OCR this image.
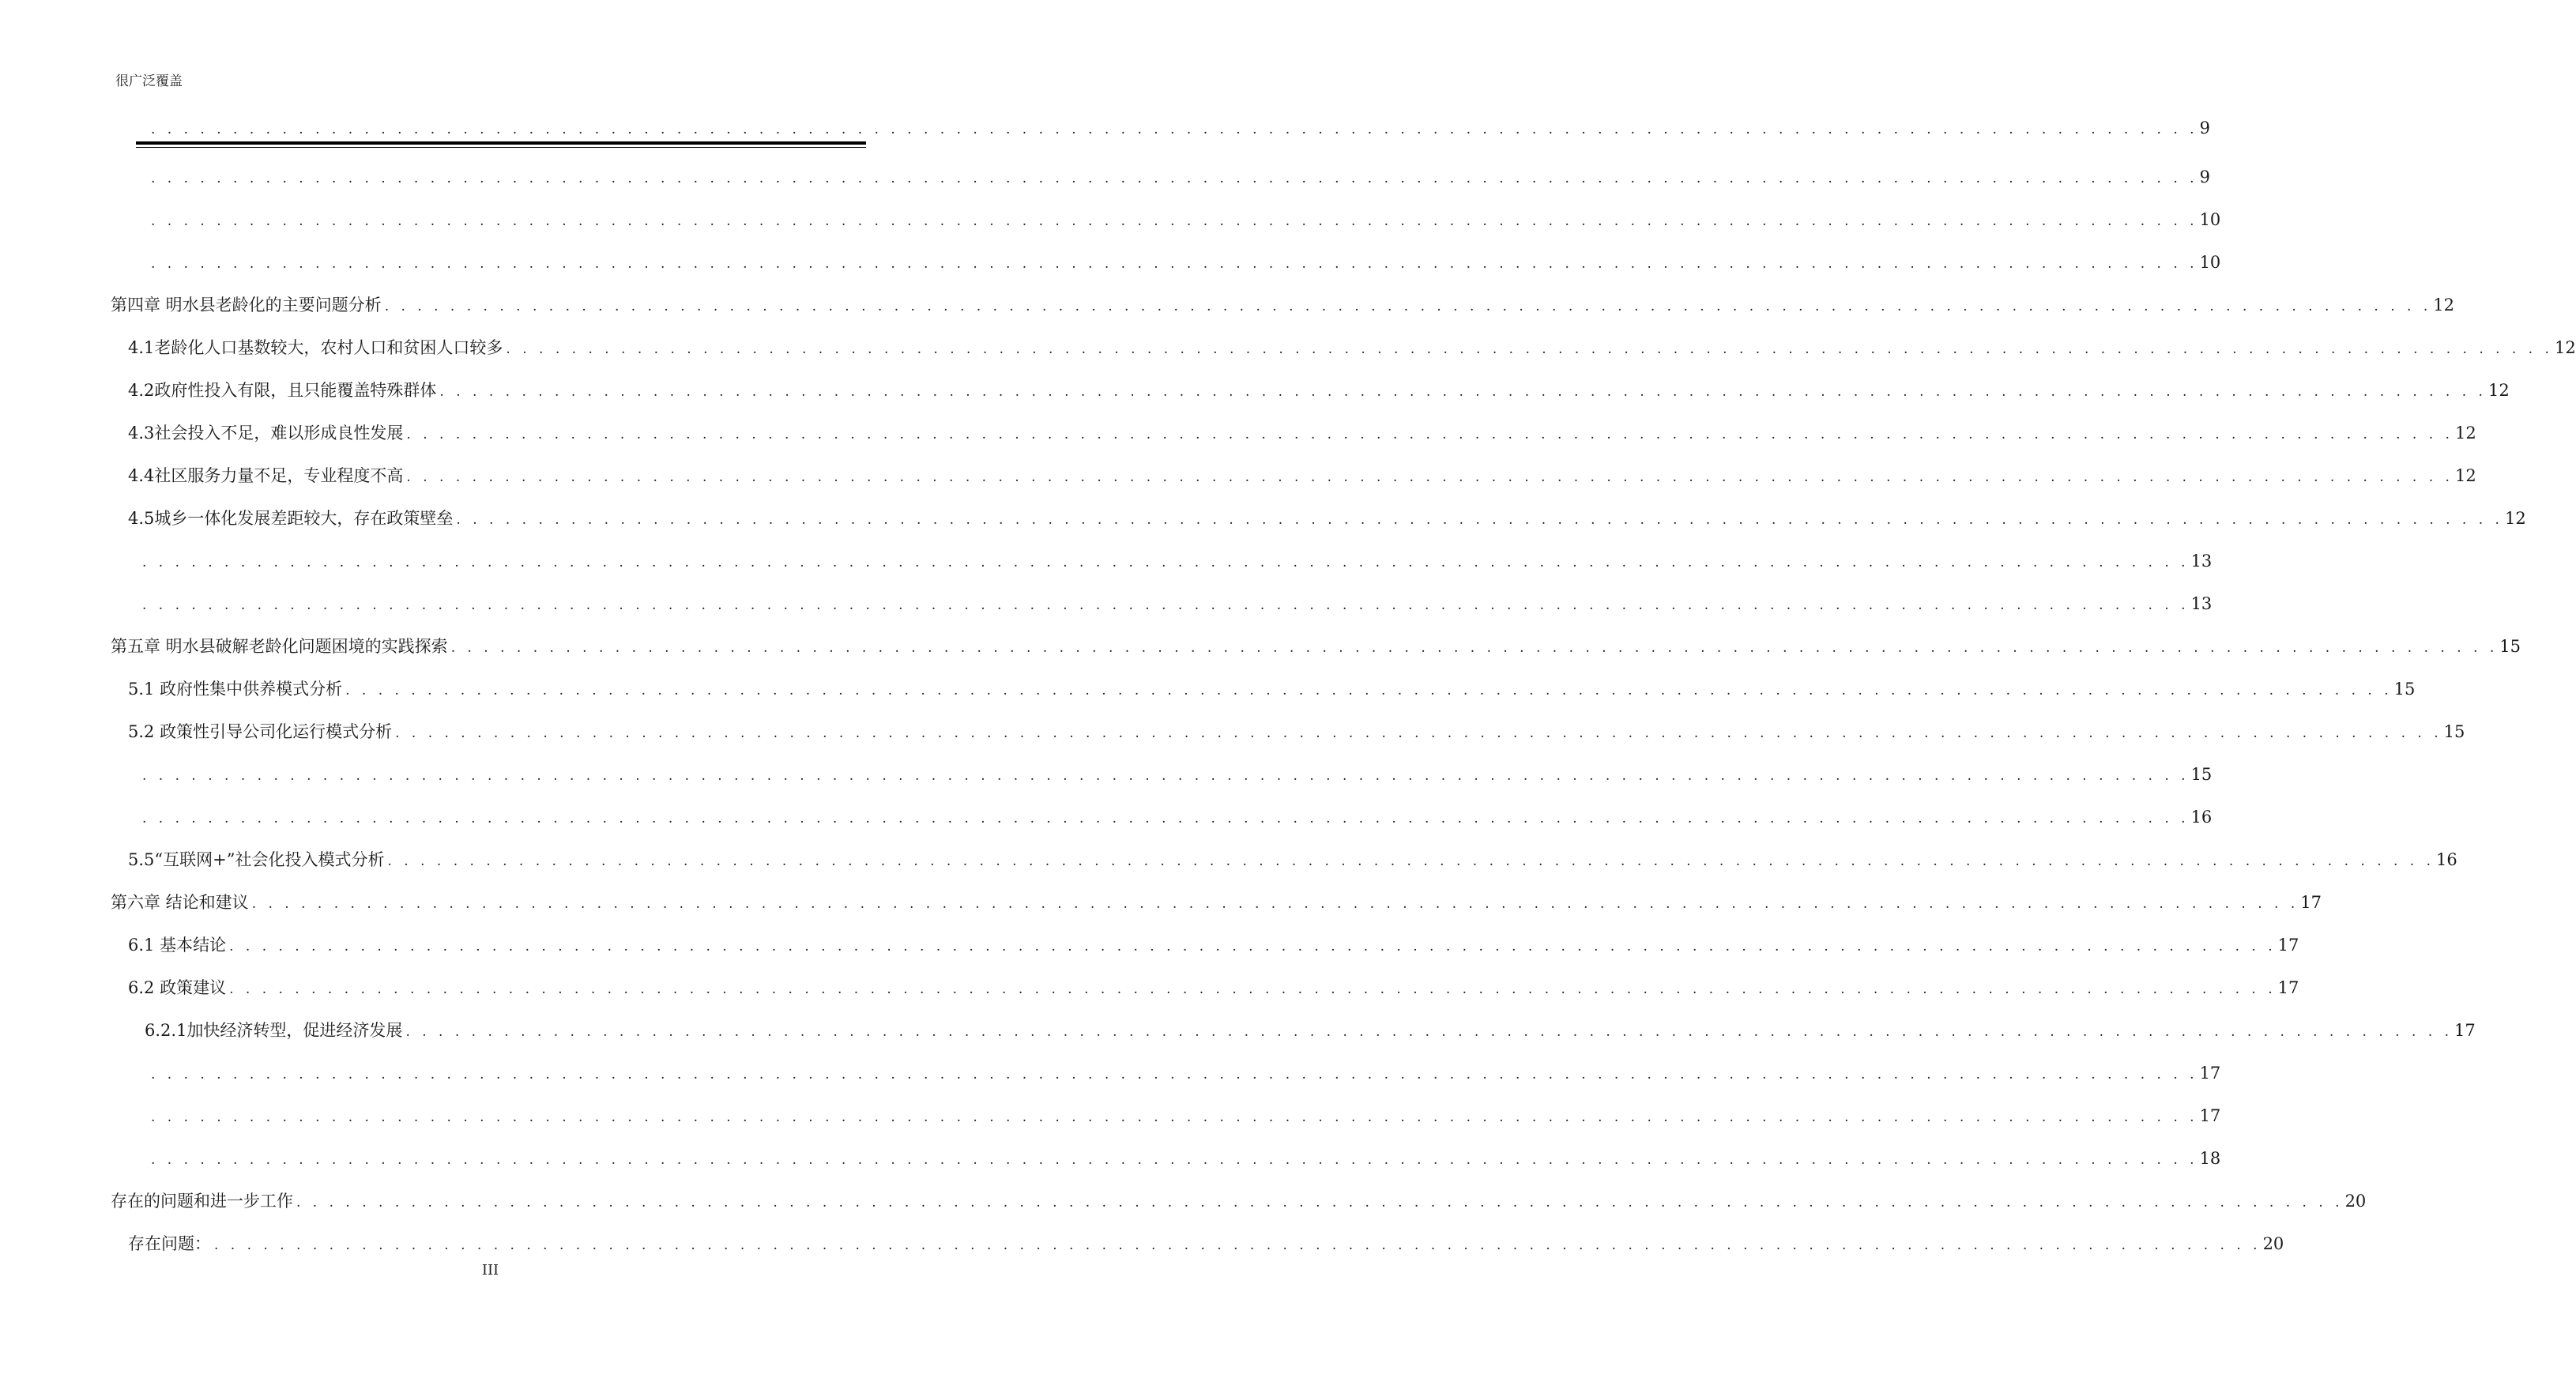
很广泛覆盖
. . . . . . . . . . . . . . . . . . . . . . . . . . . . . . . . . . . . . . . . . . . . . . . . . . . . . . . . . . . . . . . . . . . . . . . . . . . . . . . . . . . . . . . . . . . . . . . . . . . . . . . . . . . . . . . . . . . . . . . . . . . . . 9
. . . . . . . . . . . . . . . . . . . . . . . . . . . . . . . . . . . . . . . . . . . . . . . . . . . . . . . . . . . . . . . . . . . . . . . . . . . . . . . . . . . . . . . . . . . . . . . . . . . . . . . . . . . . . . . . . . . . . . . . . . . . . 9
. . . . . . . . . . . . . . . . . . . . . . . . . . . . . . . . . . . . . . . . . . . . . . . . . . . . . . . . . . . . . . . . . . . . . . . . . . . . . . . . . . . . . . . . . . . . . . . . . . . . . . . . . . . . . . . . . . . . . . . . . . . . . 10
. . . . . . . . . . . . . . . . . . . . . . . . . . . . . . . . . . . . . . . . . . . . . . . . . . . . . . . . . . . . . . . . . . . . . . . . . . . . . . . . . . . . . . . . . . . . . . . . . . . . . . . . . . . . . . . . . . . . . . . . . . . . . 10
第四章 明水县老龄化的主要问题分析 . . . . . . . . . . . . . . . . . . . . . . . . . . . . . . . . . . . . . . . . . . . . . . . . . . . . . . . . . . . . . . . . . . . . . . . . . . . . . . . . . . . . . . . . . . . . . . . . . . . . . . . . . . . . . . . . . . . . . . . . . . . . . 12
4.1老龄化人口基数较大，农村人口和贫困人口较多 . . . . . . . . . . . . . . . . . . . . . . . . . . . . . . . . . . . . . . . . . . . . . . . . . . . . . . . . . . . . . . . . . . . . . . . . . . . . . . . . . . . . . . . . . . . . . . . . . . . . . . . . . . . . . . . . . . . . . . . . . . . . . 12
4.2政府性投入有限，且只能覆盖特殊群体 . . . . . . . . . . . . . . . . . . . . . . . . . . . . . . . . . . . . . . . . . . . . . . . . . . . . . . . . . . . . . . . . . . . . . . . . . . . . . . . . . . . . . . . . . . . . . . . . . . . . . . . . . . . . . . . . . . . . . . . . . . . . . 12
4.3社会投入不足，难以形成良性发展 . . . . . . . . . . . . . . . . . . . . . . . . . . . . . . . . . . . . . . . . . . . . . . . . . . . . . . . . . . . . . . . . . . . . . . . . . . . . . . . . . . . . . . . . . . . . . . . . . . . . . . . . . . . . . . . . . . . . . . . . . . . . . 12
4.4社区服务力量不足，专业程度不高 . . . . . . . . . . . . . . . . . . . . . . . . . . . . . . . . . . . . . . . . . . . . . . . . . . . . . . . . . . . . . . . . . . . . . . . . . . . . . . . . . . . . . . . . . . . . . . . . . . . . . . . . . . . . . . . . . . . . . . . . . . . . . 12
4.5城乡一体化发展差距较大，存在政策壁垒 . . . . . . . . . . . . . . . . . . . . . . . . . . . . . . . . . . . . . . . . . . . . . . . . . . . . . . . . . . . . . . . . . . . . . . . . . . . . . . . . . . . . . . . . . . . . . . . . . . . . . . . . . . . . . . . . . . . . . . . . . . . . . 12
. . . . . . . . . . . . . . . . . . . . . . . . . . . . . . . . . . . . . . . . . . . . . . . . . . . . . . . . . . . . . . . . . . . . . . . . . . . . . . . . . . . . . . . . . . . . . . . . . . . . . . . . . . . . . . . . . . . . . . . . . . . . . 13
. . . . . . . . . . . . . . . . . . . . . . . . . . . . . . . . . . . . . . . . . . . . . . . . . . . . . . . . . . . . . . . . . . . . . . . . . . . . . . . . . . . . . . . . . . . . . . . . . . . . . . . . . . . . . . . . . . . . . . . . . . . . . 13
第五章 明水县破解老龄化问题困境的实践探索 . . . . . . . . . . . . . . . . . . . . . . . . . . . . . . . . . . . . . . . . . . . . . . . . . . . . . . . . . . . . . . . . . . . . . . . . . . . . . . . . . . . . . . . . . . . . . . . . . . . . . . . . . . . . . . . . . . . . . . . . . . . . . 15
5.1 政府性集中供养模式分析 . . . . . . . . . . . . . . . . . . . . . . . . . . . . . . . . . . . . . . . . . . . . . . . . . . . . . . . . . . . . . . . . . . . . . . . . . . . . . . . . . . . . . . . . . . . . . . . . . . . . . . . . . . . . . . . . . . . . . . . . . . . . . 15
5.2 政策性引导公司化运行模式分析 . . . . . . . . . . . . . . . . . . . . . . . . . . . . . . . . . . . . . . . . . . . . . . . . . . . . . . . . . . . . . . . . . . . . . . . . . . . . . . . . . . . . . . . . . . . . . . . . . . . . . . . . . . . . . . . . . . . . . . . . . . . . . 15
. . . . . . . . . . . . . . . . . . . . . . . . . . . . . . . . . . . . . . . . . . . . . . . . . . . . . . . . . . . . . . . . . . . . . . . . . . . . . . . . . . . . . . . . . . . . . . . . . . . . . . . . . . . . . . . . . . . . . . . . . . . . . 15
. . . . . . . . . . . . . . . . . . . . . . . . . . . . . . . . . . . . . . . . . . . . . . . . . . . . . . . . . . . . . . . . . . . . . . . . . . . . . . . . . . . . . . . . . . . . . . . . . . . . . . . . . . . . . . . . . . . . . . . . . . . . . 16
5.5“互联网+”社会化投入模式分析 . . . . . . . . . . . . . . . . . . . . . . . . . . . . . . . . . . . . . . . . . . . . . . . . . . . . . . . . . . . . . . . . . . . . . . . . . . . . . . . . . . . . . . . . . . . . . . . . . . . . . . . . . . . . . . . . . . . . . . . . . . . . . 16
第六章 结论和建议 . . . . . . . . . . . . . . . . . . . . . . . . . . . . . . . . . . . . . . . . . . . . . . . . . . . . . . . . . . . . . . . . . . . . . . . . . . . . . . . . . . . . . . . . . . . . . . . . . . . . . . . . . . . . . . . . . . . . . . . . . . . . . 17
6.1 基本结论 . . . . . . . . . . . . . . . . . . . . . . . . . . . . . . . . . . . . . . . . . . . . . . . . . . . . . . . . . . . . . . . . . . . . . . . . . . . . . . . . . . . . . . . . . . . . . . . . . . . . . . . . . . . . . . . . . . . . . . . . . . . . . 17
6.2 政策建议 . . . . . . . . . . . . . . . . . . . . . . . . . . . . . . . . . . . . . . . . . . . . . . . . . . . . . . . . . . . . . . . . . . . . . . . . . . . . . . . . . . . . . . . . . . . . . . . . . . . . . . . . . . . . . . . . . . . . . . . . . . . . . 17
6.2.1加快经济转型，促进经济发展 . . . . . . . . . . . . . . . . . . . . . . . . . . . . . . . . . . . . . . . . . . . . . . . . . . . . . . . . . . . . . . . . . . . . . . . . . . . . . . . . . . . . . . . . . . . . . . . . . . . . . . . . . . . . . . . . . . . . . . . . . . . . . 17
. . . . . . . . . . . . . . . . . . . . . . . . . . . . . . . . . . . . . . . . . . . . . . . . . . . . . . . . . . . . . . . . . . . . . . . . . . . . . . . . . . . . . . . . . . . . . . . . . . . . . . . . . . . . . . . . . . . . . . . . . . . . . 17
. . . . . . . . . . . . . . . . . . . . . . . . . . . . . . . . . . . . . . . . . . . . . . . . . . . . . . . . . . . . . . . . . . . . . . . . . . . . . . . . . . . . . . . . . . . . . . . . . . . . . . . . . . . . . . . . . . . . . . . . . . . . . 17
. . . . . . . . . . . . . . . . . . . . . . . . . . . . . . . . . . . . . . . . . . . . . . . . . . . . . . . . . . . . . . . . . . . . . . . . . . . . . . . . . . . . . . . . . . . . . . . . . . . . . . . . . . . . . . . . . . . . . . . . . . . . . 18
存在的问题和进一步工作 . . . . . . . . . . . . . . . . . . . . . . . . . . . . . . . . . . . . . . . . . . . . . . . . . . . . . . . . . . . . . . . . . . . . . . . . . . . . . . . . . . . . . . . . . . . . . . . . . . . . . . . . . . . . . . . . . . . . . . . . . . . . . 20
存在问题： . . . . . . . . . . . . . . . . . . . . . . . . . . . . . . . . . . . . . . . . . . . . . . . . . . . . . . . . . . . . . . . . . . . . . . . . . . . . . . . . . . . . . . . . . . . . . . . . . . . . . . . . . . . . . . . . . . . . . . . . . . . . . 20
III
